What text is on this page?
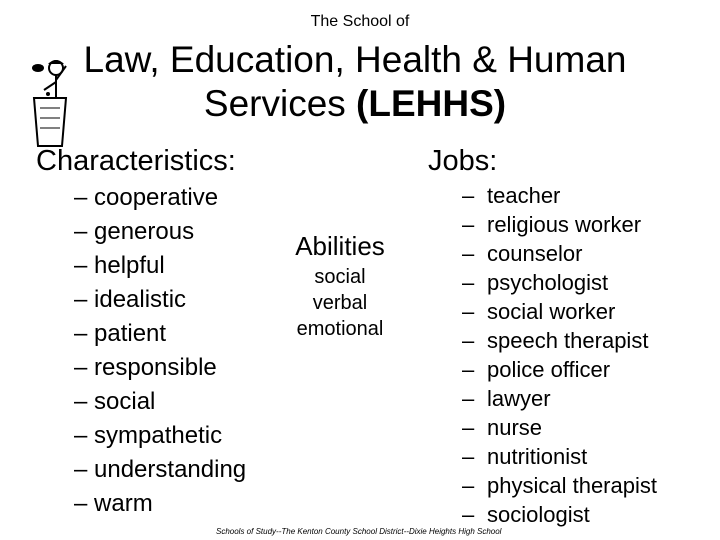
The School of
Law, Education, Health & Human
Services (LEHHS)
Characteristics:
– cooperative
– generous
– helpful
– idealistic
– patient
– responsible
– social
– sympathetic
– understanding
– warm
Abilities
social
verbal
emotional
Jobs:
– teacher
– religious worker
– counselor
– psychologist
– social worker
– speech therapist
– police officer
– lawyer
– nurse
– nutritionist
– physical therapist
– sociologist
Schools of Study--The Kenton County School District--Dixie Heights High School
